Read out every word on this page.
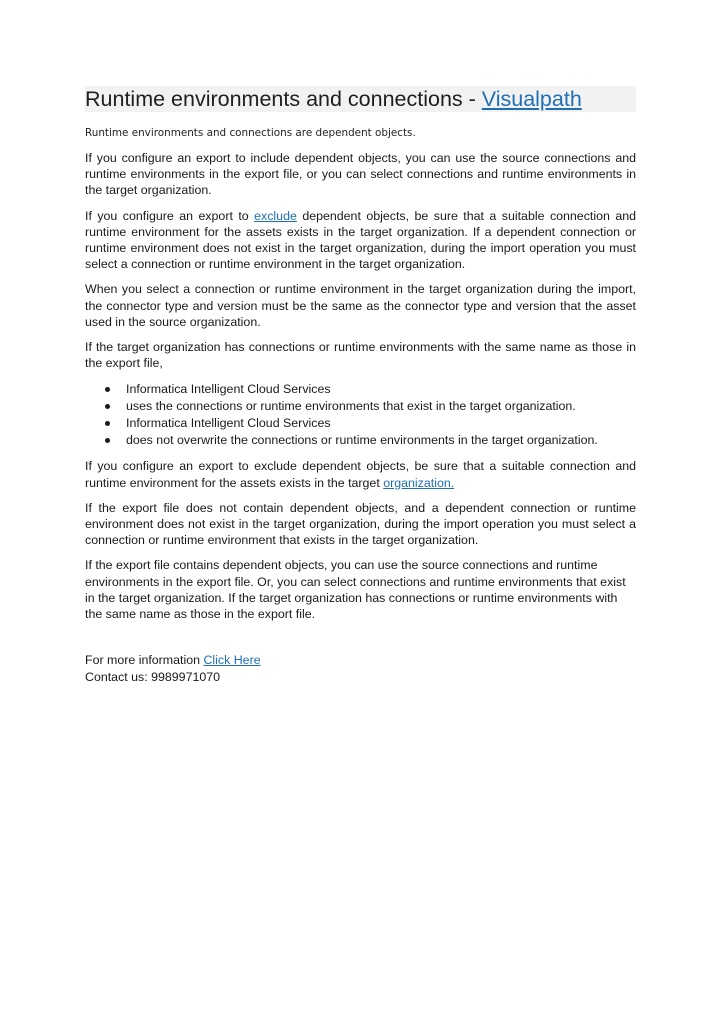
Runtime environments and connections - Visualpath
Runtime environments and connections are dependent objects.

If you configure an export to include dependent objects, you can use the source connections and runtime environments in the export file, or you can select connections and runtime environments in the target organization.

If you configure an export to exclude dependent objects, be sure that a suitable connection and runtime environment for the assets exists in the target organization. If a dependent connection or runtime environment does not exist in the target organization, during the import operation you must select a connection or runtime environment in the target organization.

When you select a connection or runtime environment in the target organization during the import, the connector type and version must be the same as the connector type and version that the asset used in the source organization.

If the target organization has connections or runtime environments with the same name as those in the export file,

Informatica Intelligent Cloud Services
uses the connections or runtime environments that exist in the target organization.
Informatica Intelligent Cloud Services
does not overwrite the connections or runtime environments in the target organization.

If you configure an export to exclude dependent objects, be sure that a suitable connection and runtime environment for the assets exists in the target organization.

If the export file does not contain dependent objects, and a dependent connection or runtime environment does not exist in the target organization, during the import operation you must select a connection or runtime environment that exists in the target organization.

If the export file contains dependent objects, you can use the source connections and runtime environments in the export file. Or, you can select connections and runtime environments that exist in the target organization. If the target organization has connections or runtime environments with the same name as those in the export file.

For more information Click Here
Contact us: 9989971070
